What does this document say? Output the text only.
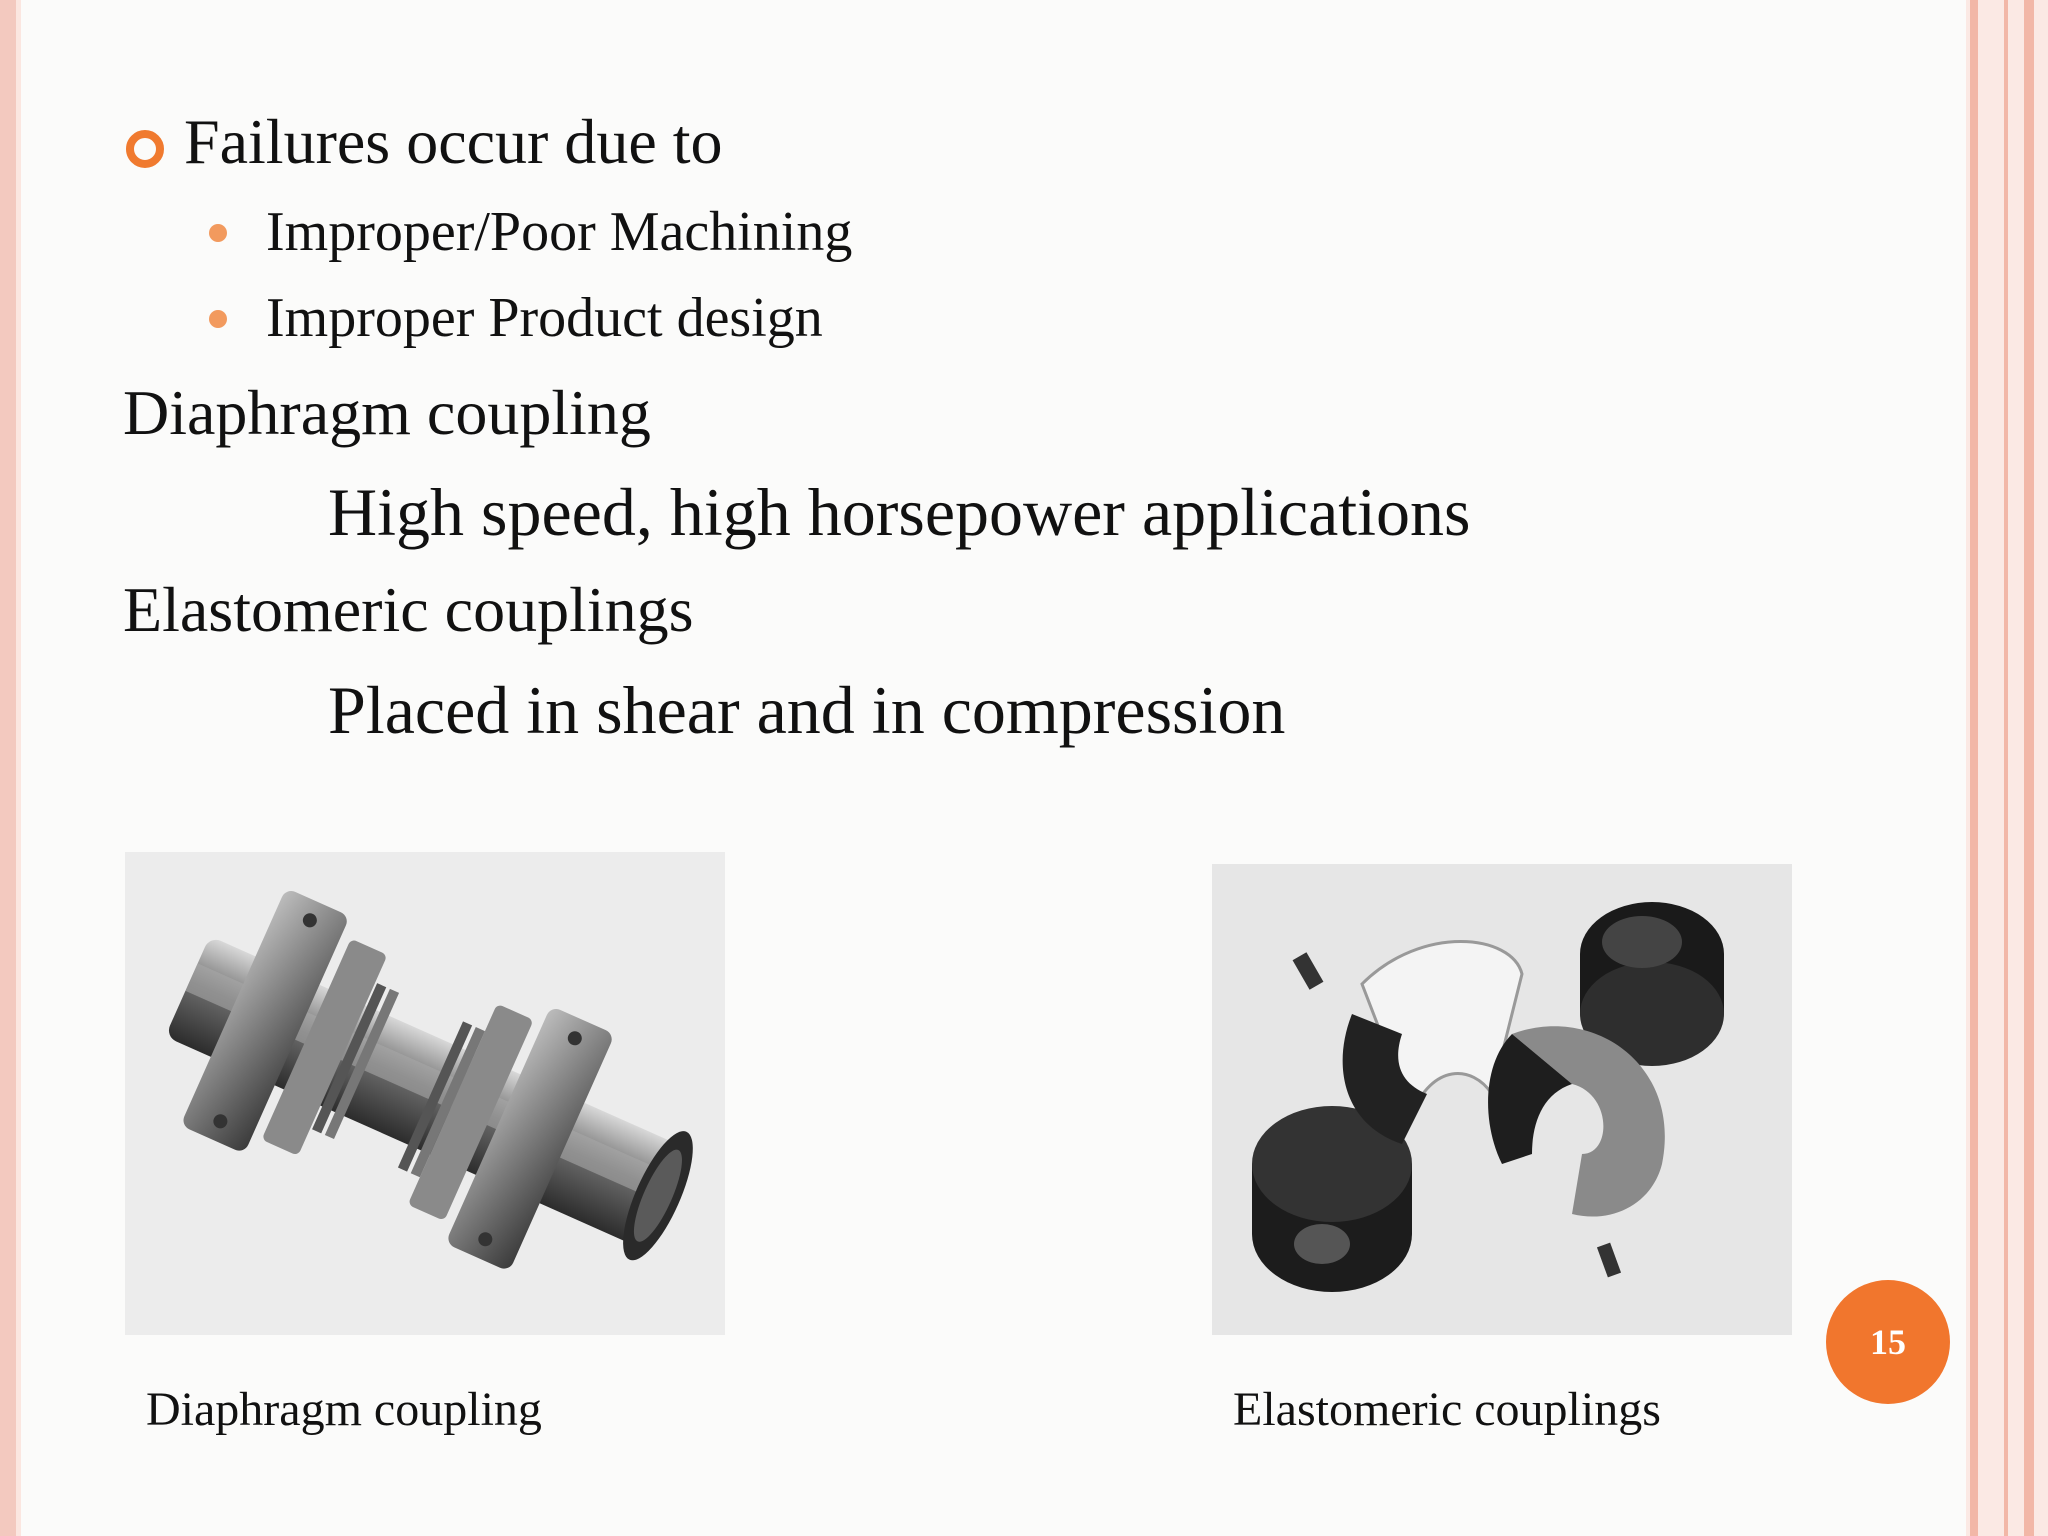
Failures occur due to
Improper/Poor Machining
Improper Product design
Diaphragm coupling
High speed, high horsepower applications
Elastomeric couplings
Placed in shear and in compression
Diaphragm coupling	Elastomeric couplings
15
